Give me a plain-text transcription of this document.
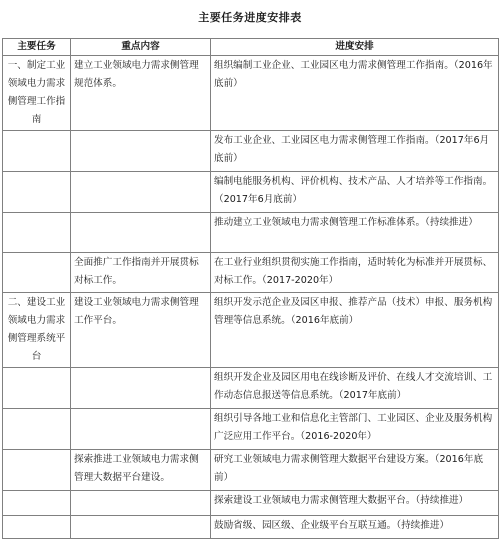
主要任务进度安排表
主要任务	重点内容	进度安排
一、制定工业领域电力需求侧管理工作指南	建立工业领域电力需求侧管理规范体系。	组织编制工业企业、工业园区电力需求侧管理工作指南。（2016年底前）
		发布工业企业、工业园区电力需求侧管理工作指南。（2017年6月底前）
		编制电能服务机构、评价机构、技术产品、人才培养等工作指南。（2017年6月底前）
		推动建立工业领域电力需求侧管理工作标准体系。（持续推进）
	全面推广工作指南并开展贯标对标工作。	在工业行业组织贯彻实施工作指南，适时转化为标准并开展贯标、对标工作。（2017-2020年）
二、建设工业领域电力需求侧管理系统平台	建设工业领域电力需求侧管理工作平台。	组织开发示范企业及园区申报、推荐产品（技术）申报、服务机构管理等信息系统。（2016年底前）
		组织开发企业及园区用电在线诊断及评价、在线人才交流培训、工作动态信息报送等信息系统。（2017年底前）
		组织引导各地工业和信息化主管部门、工业园区、企业及服务机构广泛应用工作平台。（2016-2020年）
	探索推进工业领域电力需求侧管理大数据平台建设。	研究工业领域电力需求侧管理大数据平台建设方案。（2016年底前）
		探索建设工业领域电力需求侧管理大数据平台。（持续推进）
		鼓励省级、园区级、企业级平台互联互通。（持续推进）
